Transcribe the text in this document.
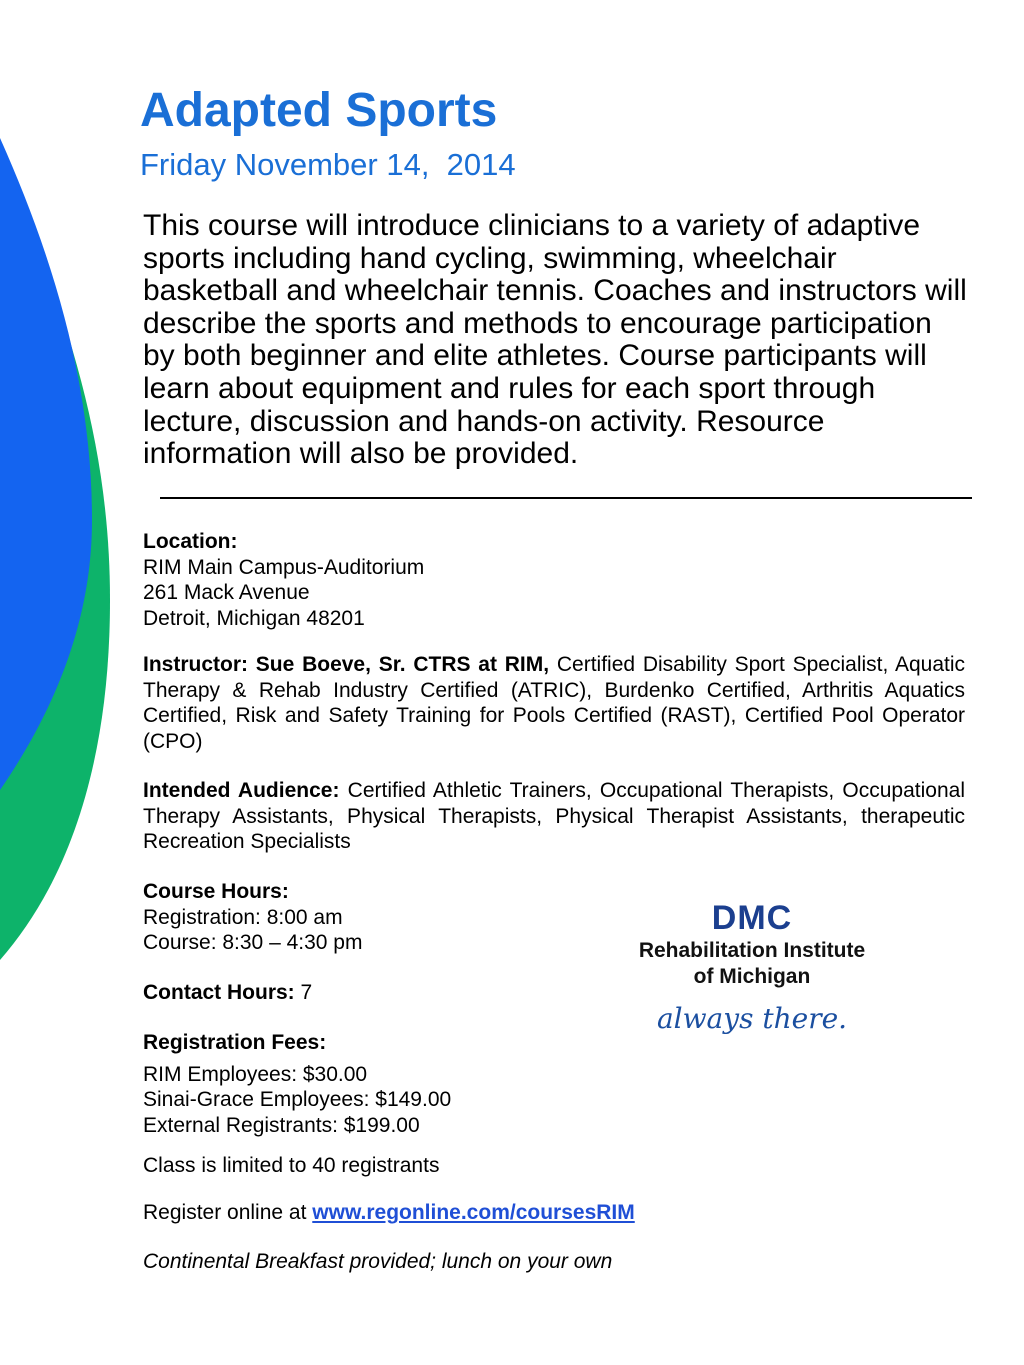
Adapted Sports
Friday November 14,  2014

This course will introduce clinicians to a variety of adaptive sports including hand cycling, swimming, wheelchair basketball and wheelchair tennis. Coaches and instructors will describe the sports and methods to encourage participation by both beginner and elite athletes. Course participants will learn about equipment and rules for each sport through lecture, discussion and hands-on activity. Resource information will also be provided.

Location:

RIM Main Campus-Auditorium

261 Mack Avenue

Detroit, Michigan 48201

Instructor: Sue Boeve, Sr. CTRS at RIM, Certified Disability Sport Specialist, Aquatic Therapy & Rehab Industry Certified (ATRIC), Burdenko Certified, Arthritis Aquatics Certified, Risk and Safety Training for Pools Certified (RAST), Certified Pool Operator (CPO)

Intended Audience: Certified Athletic Trainers, Occupational Therapists, Occupational Therapy Assistants, Physical Therapists, Physical Therapist Assistants, therapeutic Recreation Specialists

Course Hours:

Registration: 8:00 am

Course: 8:30 – 4:30 pm

Contact Hours: 7

Registration Fees:

RIM Employees: $30.00

Sinai-Grace Employees: $149.00

External Registrants: $199.00

Class is limited to 40 registrants
Register online at www.regonline.com/coursesRIM
Continental Breakfast provided; lunch on your own
DMC
Rehabilitation Institute
of Michigan
always there.
